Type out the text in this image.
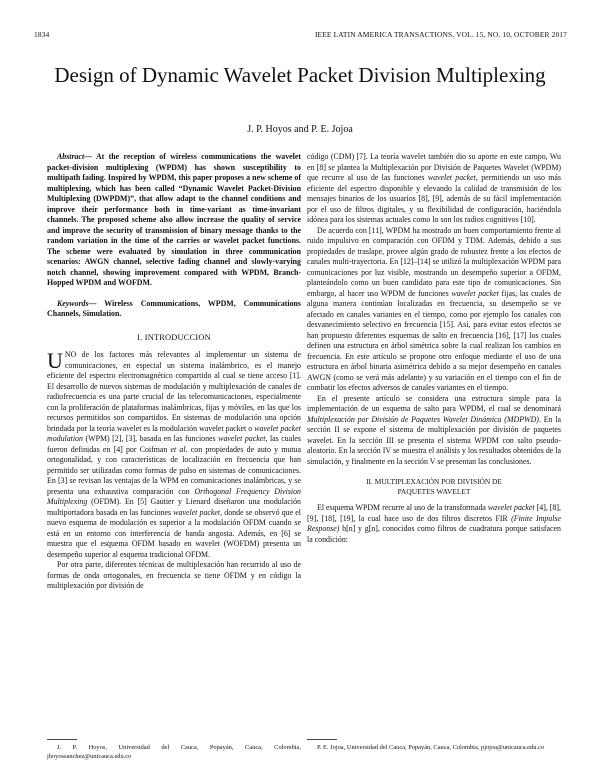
1834	IEEE LATIN AMERICA TRANSACTIONS, VOL. 15, NO. 10, OCTOBER 2017
Design of Dynamic Wavelet Packet Division Multiplexing
J. P. Hoyos and P. E. Jojoa

Abstract— At the reception of wireless communications the wavelet packet-division multiplexing (WPDM) has shown susceptibility to multipath fading. Inspired by WPDM, this paper proposes a new scheme of multiplexing, which has been called “Dynamic Wavelet Packet-Division Multiplexing (DWPDM)”, that allow adapt to the channel conditions and improve their performance both in time-variant as time-invariant channels. The proposed scheme also allow increase the quality of service and improve the security of transmission of binary message thanks to the random variation in the time of the carries or wavelet packet functions. The scheme were evaluated by simulation in three communication scenarios: AWGN channel, selective fading channel and slowly-varying notch channel, showing improvement compared with WPDM, Branch-Hopped WPDM and WOFDM.

Keywords— Wireless Communications, WPDM, Communications Channels, Simulation.

I. INTRODUCCION

UNO de los factores más relevantes al implementar un sistema de comunicaciones, en especial un sistema inalámbrico, es el manejo eficiente del espectro electromagnético compartido al cual se tiene acceso [1]. El desarrollo de nuevos sistemas de modulación y multiplexación de canales de radiofrecuencia es una parte crucial de las telecomunicaciones, especialmente con la proliferación de plataformas inalámbricas, fijas y móviles, en las que los recursos permitidos son compartidos. En sistemas de modulación una opción brindada por la teoría wavelet es la modulación wavelet packet o wavelet packet modulation (WPM) [2], [3], basada en las funciones wavelet packet, las cuales fueron definidas en [4] por Coifman et al. con propiedades de auto y mutua ortogonalidad, y con características de localización en frecuencia que han permitido ser utilizadas como formas de pulso en sistemas de comunicaciones. En [3] se revisan las ventajas de la WPM en comunicaciones inalámbricas, y se presenta una exhaustiva comparación con Orthogonal Frequency Division Multiplexing (OFDM). En [5] Gautier y Lienard diseñaron una modulación multiportadora basada en las funciones wavelet packet, donde se observó que el nuevo esquema de modulación es superior a la modulación OFDM cuando se está en un entorno con interferencia de banda angosta. Además, en [6] se muestra que el esquema OFDM basado en wavelet (WOFDM) presenta un desempeño superior al esquema tradicional OFDM.

Por otra parte, diferentes técnicas de multiplexación han recurrido al uso de formas de onda ortogonales, en frecuencia se tiene OFDM y en código la multiplexación por división de

código (CDM) [7]. La teoría wavelet también dio su aporte en este campo, Wu en [8] se plantea la Multiplexación por División de Paquetes Wavelet (WPDM) que recurre al uso de las funciones wavelet packet, permitiendo un uso más eficiente del espectro disponible y elevando la calidad de transmisión de los mensajes binarios de los usuarios [8], [9], además de su fácil implementación por el uso de filtros digitales, y su flexibilidad de configuración, haciéndola idónea para los sistemas actuales como lo son los radios cognitivos [10].

De acuerdo con [11], WPDM ha mostrado un buen comportamiento frente al ruido impulsivo en comparación con OFDM y TDM. Además, debido a sus propiedades de traslape, provee algún grado de robustez frente a los efectos de canales multi-trayectoria. En [12]–[14] se utilizó la multiplexación WPDM para comunicaciones por luz visible, mostrando un desempeño superior a OFDM, planteándolo como un buen candidato para este tipo de comunicaciones. Sin embargo, al hacer uso WPDM de funciones wavelet packet fijas, las cuales de alguna manera continúan localizadas en frecuencia, su desempeño se ve afectado en canales variantes en el tiempo, como por ejemplo los canales con desvanecimiento selectivo en frecuencia [15]. Así, para evitar estos efectos se han propuesto diferentes esquemas de salto en frecuencia [16], [17] los cuales definen una estructura en árbol simétrica sobre la cual realizan los cambios en frecuencia. En este artículo se propone otro enfoque mediante el uso de una estructura en árbol binaria asimétrica debido a su mejor desempeño en canales AWGN (como se verá más adelante) y su variación en el tiempo con el fin de combatir los efectos adversos de canales variantes en el tiempo.

En el presente artículo se considera una estructura simple para la implementación de un esquema de salto para WPDM, el cual se denominará Multiplexación por División de Paquetes Wavelet Dinámica (MDPWD). En la sección II se expone el sistema de multiplexación por división de paquetes wavelet. En la sección III se presenta el sistema WPDM con salto pseudo-aleatorio. En la sección IV se muestra el análisis y los resultados obtenidos de la simulación, y finalmente en la sección V se presentan las conclusiones.

II. MULTIPLEXACIÓN POR DIVISIÓN DE
PAQUETES WAVELET

El esquema WPDM recurre al uso de la transformada wavelet packet [4], [8], [9], [18], [19], la cual hace uso de dos filtros discretos FIR (Finite Impulse Response) h[n] y g[n], conocidos como filtros de cuadratura porque satisfacen la condición:

J. P. Hoyos, Universidad del Cauca, Popayán, Cauca, Colombia, jhoyossanchez@unicauca.edu.co
P. E. Jojoa, Universidad del Cauca, Popayán, Cauca, Colombia, pjojoa@unicauca.edu.co
